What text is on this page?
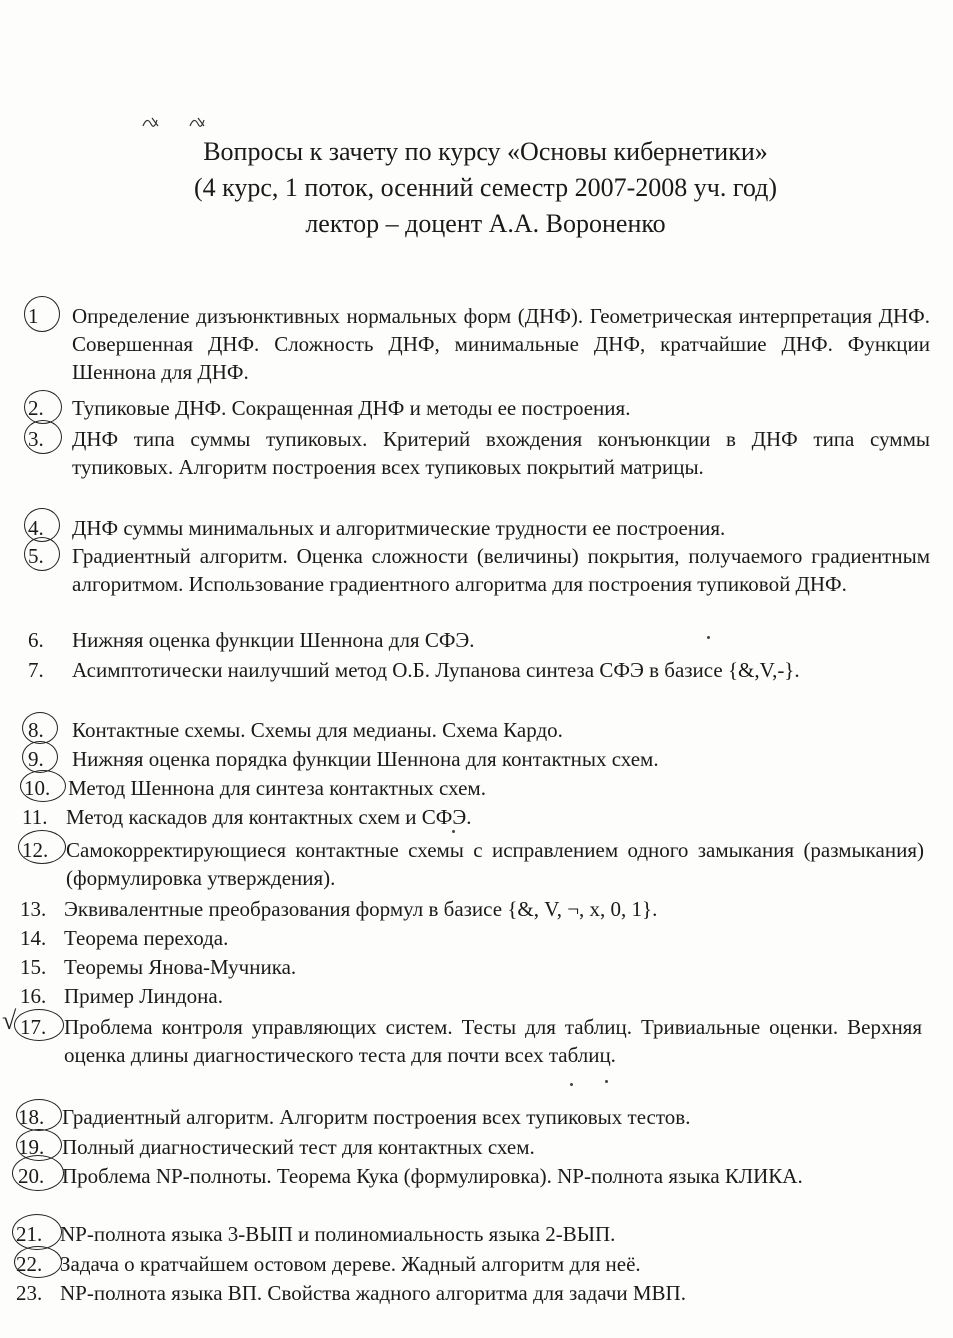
Вопросы к зачету по курсу «Основы кибернетики»
(4 курс, 1 поток, осенний семестр 2007-2008 уч. год)
лектор – доцент А.А. Вороненко
1	Определение дизъюнктивных нормальных форм (ДНФ). Геометрическая интерпретация ДНФ. Совершенная ДНФ. Сложность ДНФ, минимальные ДНФ, кратчайшие ДНФ. Функции Шеннона для ДНФ.
2.	Тупиковые ДНФ. Сокращенная ДНФ и методы ее построения.
3.	ДНФ типа суммы тупиковых. Критерий вхождения конъюнкции в ДНФ типа суммы тупиковых. Алгоритм построения всех тупиковых покрытий матрицы.
4.	ДНФ суммы минимальных и алгоритмические трудности ее построения.
5.	Градиентный алгоритм. Оценка сложности (величины) покрытия, получаемого градиентным алгоритмом. Использование градиентного алгоритма для построения тупиковой ДНФ.
6.	Нижняя оценка функции Шеннона для СФЭ.
7.	Асимптотически наилучший метод О.Б. Лупанова синтеза СФЭ в базисе {&,V,-}.
8.	Контактные схемы. Схемы для медианы. Схема Кардо.
9.	Нижняя оценка порядка функции Шеннона для контактных схем.
10. Метод Шеннона для синтеза контактных схем.
11. Метод каскадов для контактных схем и СФЭ.
12. Самокорректирующиеся контактные схемы с исправлением одного замыкания (размыкания) (формулировка утверждения).
13. Эквивалентные преобразования формул в базисе {&, V, ¬, x, 0, 1}.
14. Теорема перехода.
15. Теоремы Янова-Мучника.
16. Пример Линдона.
17. Проблема контроля управляющих систем. Тесты для таблиц. Тривиальные оценки. Верхняя оценка длины диагностического теста для почти всех таблиц.
18. Градиентный алгоритм. Алгоритм построения всех тупиковых тестов.
19. Полный диагностический тест для контактных схем.
20. Проблема NP-полноты. Теорема Кука (формулировка). NP-полнота языка КЛИКА.
21. NP-полнота языка 3-ВЫП и полиномиальность языка 2-ВЫП.
22. Задача о кратчайшем остовом дереве. Жадный алгоритм для неё.
23. NP-полнота языка ВП. Свойства жадного алгоритма для задачи МВП.
√
